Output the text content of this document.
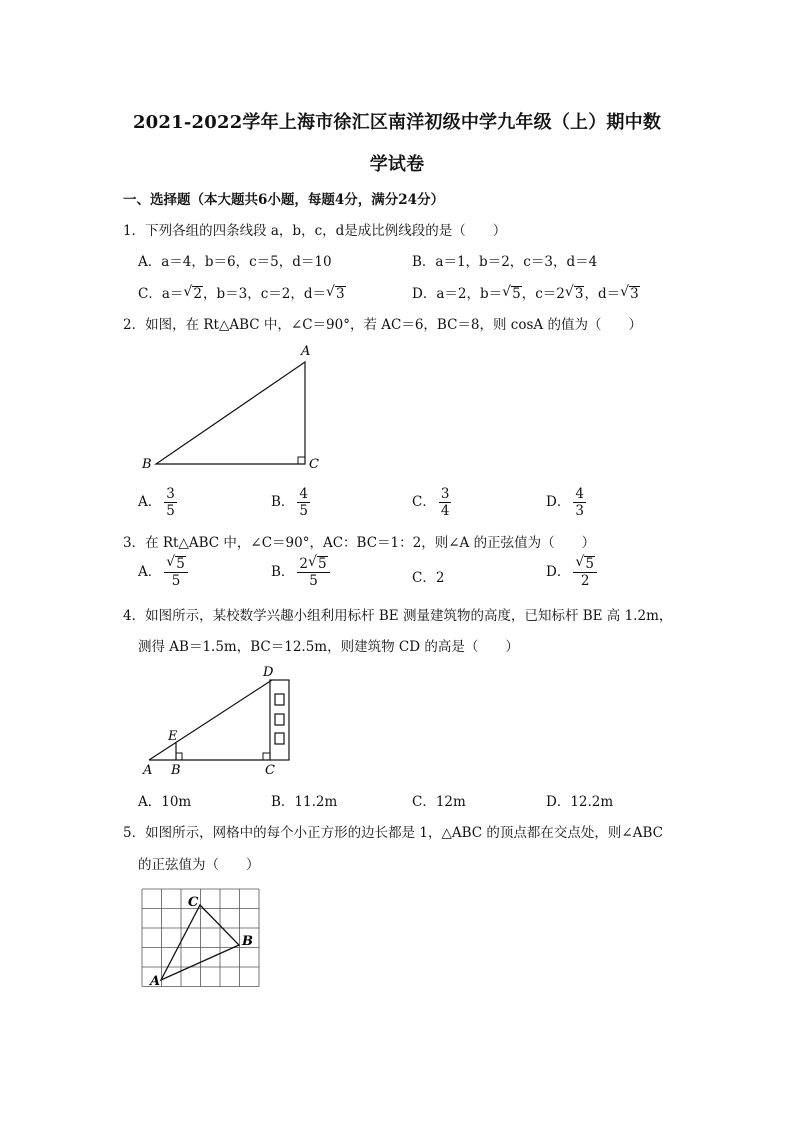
2021-2022学年上海市徐汇区南洋初级中学九年级（上）期中数
学试卷
一、选择题（本大题共6小题，每题4分，满分24分）
1．下列各组的四条线段 a，b，c，d是成比例线段的是（　　）
A．a＝4，b＝6，c＝5，d＝10	B．a＝1，b＝2，c＝3，d＝4
C．a＝ √ 2，b＝3，c＝2，d＝ √ 3	D．a＝2，b＝ √ 5，c＝2 √ 3，d＝ √ 3
2．如图，在 Rt△ABC 中，∠C＝90°，若 AC＝6，BC＝8，则 cosA 的值为（　　）
A
B	C
A． $\frac{3}{5}$	B． $\frac{4}{5}$	C． $\frac{3}{4}$	D． $\frac{4}{3}$
3．在 Rt△ABC 中，∠C＝90°，AC：BC＝1：2，则∠A 的正弦值为（　　）
A． √ $\frac{5}{5}$	B． $\frac{2 √ 5}{5}$	C．2	D． √ $\frac{5}{2}$
4．如图所示，某校数学兴趣小组利用标杆 BE 测量建筑物的高度，已知标杆 BE 高 1.2m，
测得 AB＝1.5m，BC＝12.5m，则建筑物 CD 的高是（　　）
D
E
A B	C
A．10m	B．11.2m	C．12m	D．12.2m
5．如图所示，网格中的每个小正方形的边长都是 1，△ABC 的顶点都在交点处，则∠ABC
的正弦值为（　　）
A
C
B
